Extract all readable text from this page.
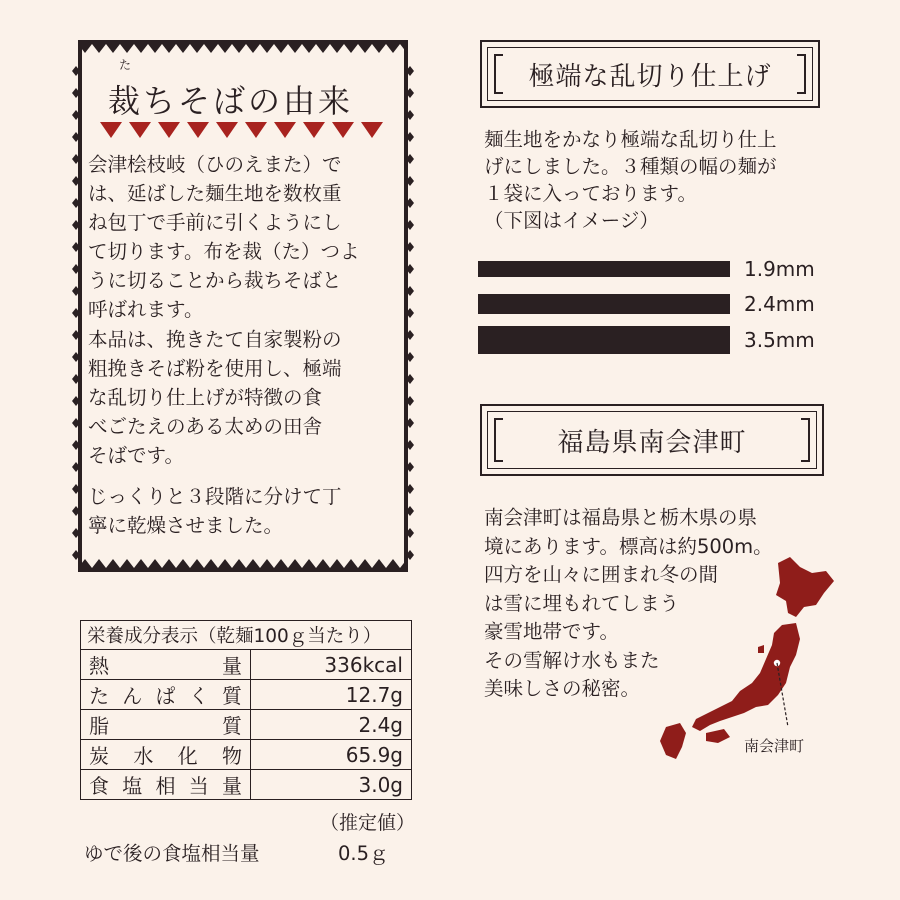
た
裁ちそばの由来

会津桧枝岐（ひのえまた）で
は、延ばした麺生地を数枚重
ね包丁で手前に引くようにし
て切ります。布を裁（た）つよ
うに切ることから裁ちそばと
呼ばれます。

本品は、挽きたて自家製粉の
粗挽きそば粉を使用し、極端
な乱切り仕上げが特徴の食
べごたえのある太めの田舎
そばです。

じっくりと３段階に分けて丁
寧に乾燥させました。

極端な乱切り仕上げ

麺生地をかなり極端な乱切り仕上
げにしました。３種類の幅の麺が
１袋に入っております。
（下図はイメージ）

1.9mm
2.4mm
3.5mm
福島県南会津町

南会津町は福島県と栃木県の県
境にあります。標高は約500m。
四方を山々に囲まれ冬の間
は雪に埋もれてしまう
豪雪地帯です。
その雪解け水もまた
美味しさの秘密。

南会津町
栄養成分表示（乾麺100ｇ当たり）	

熱 量	336kcal

た ん ぱ く 質	12.7g

脂 質	2.4g

炭 水 化 物	65.9g

食 塩 相 当 量	3.0g
（推定値）
ゆで後の食塩相当量	0.5ｇ
